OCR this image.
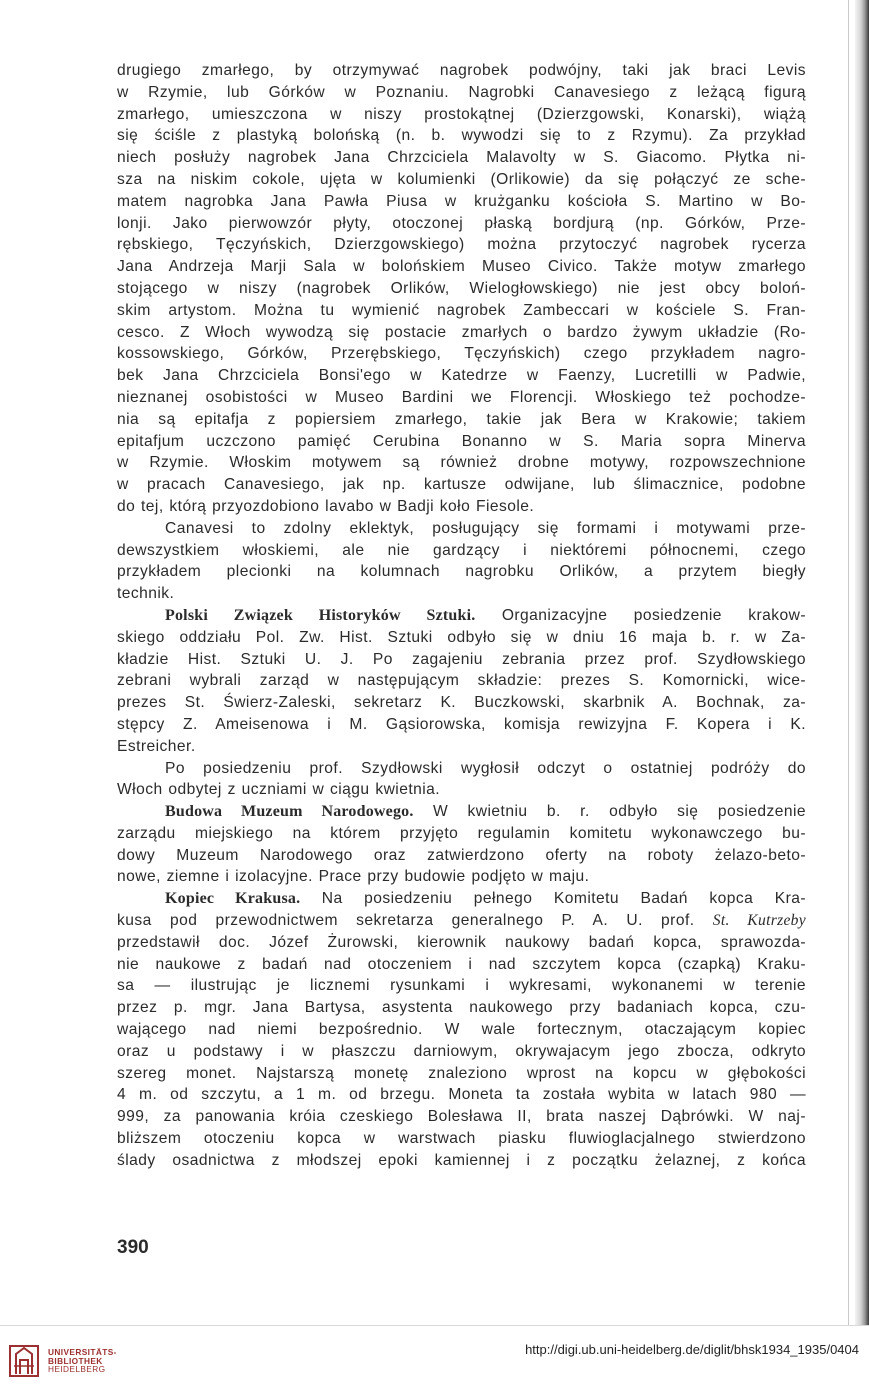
drugiego zmarłego, by otrzymywać nagrobek podwójny, taki jak braci Levis
w Rzymie, lub Górków w Poznaniu. Nagrobki Canavesiego z leżącą figurą
zmarłego, umieszczona w niszy prostokątnej (Dzierzgowski, Konarski), wiążą
się ściśle z plastyką bolońską (n. b. wywodzi się to z Rzymu). Za przykład
niech posłuży nagrobek Jana Chrzciciela Malavolty w S. Giacomo. Płytka ni-
sza na niskim cokole, ujęta w kolumienki (Orlikowie) da się połączyć ze sche-
matem nagrobka Jana Pawła Piusa w krużganku kościoła S. Martino w Bo-
lonji. Jako pierwowzór płyty, otoczonej płaską bordjurą (np. Górków, Prze-
rębskiego, Tęczyńskich, Dzierzgowskiego) można przytoczyć nagrobek rycerza
Jana Andrzeja Marji Sala w bolońskiem Museo Civico. Także motyw zmarłego
stojącego w niszy (nagrobek Orlików, Wielogłowskiego) nie jest obcy boloń-
skim artystom. Można tu wymienić nagrobek Zambeccari w kościele S. Fran-
cesco. Z Włoch wywodzą się postacie zmarłych o bardzo żywym układzie (Ro-
kossowskiego, Górków, Przerębskiego, Tęczyńskich) czego przykładem nagro-
bek Jana Chrzciciela Bonsi'ego w Katedrze w Faenzy, Lucretilli w Padwie,
nieznanej osobistości w Museo Bardini we Florencji. Włoskiego też pochodze-
nia są epitafja z popiersiem zmarłego, takie jak Bera w Krakowie; takiem
epitafjum uczczono pamięć Cerubina Bonanno w S. Maria sopra Minerva
w Rzymie. Włoskim motywem są również drobne motywy, rozpowszechnione
w pracach Canavesiego, jak np. kartusze odwijane, lub ślimacznice, podobne
do tej, którą przyozdobiono lavabo w Badji koło Fiesole.
Canavesi to zdolny eklektyk, posługujący się formami i motywami prze-
dewszystkiem włoskiemi, ale nie gardzący i niektóremi północnemi, czego
przykładem plecionki na kolumnach nagrobku Orlików, a przytem biegły
technik.
Polski Związek Historyków Sztuki. Organizacyjne posiedzenie krakow-
skiego oddziału Pol. Zw. Hist. Sztuki odbyło się w dniu 16 maja b. r. w Za-
kładzie Hist. Sztuki U. J. Po zagajeniu zebrania przez prof. Szydłowskiego
zebrani wybrali zarząd w następującym składzie: prezes S. Komornicki, wice-
prezes St. Świerz-Zaleski, sekretarz K. Buczkowski, skarbnik A. Bochnak, za-
stępcy Z. Ameisenowa i M. Gąsiorowska, komisja rewizyjna F. Kopera i K.
Estreicher.
Po posiedzeniu prof. Szydłowski wygłosił odczyt o ostatniej podróży do
Włoch odbytej z uczniami w ciągu kwietnia.
Budowa Muzeum Narodowego. W kwietniu b. r. odbyło się posiedzenie
zarządu miejskiego na którem przyjęto regulamin komitetu wykonawczego bu-
dowy Muzeum Narodowego oraz zatwierdzono oferty na roboty żelazo-beto-
nowe, ziemne i izolacyjne. Prace przy budowie podjęto w maju.
Kopiec Krakusa. Na posiedzeniu pełnego Komitetu Badań kopca Kra-
kusa pod przewodnictwem sekretarza generalnego P. A. U. prof. St. Kutrzeby
przedstawił doc. Józef Żurowski, kierownik naukowy badań kopca, sprawozda-
nie naukowe z badań nad otoczeniem i nad szczytem kopca (czapką) Kraku-
sa — ilustrując je licznemi rysunkami i wykresami, wykonanemi w terenie
przez p. mgr. Jana Bartysa, asystenta naukowego przy badaniach kopca, czu-
wającego nad niemi bezpośrednio. W wale fortecznym, otaczającym kopiec
oraz u podstawy i w płaszczu darniowym, okrywajacym jego zbocza, odkryto
szereg monet. Najstarszą monetę znaleziono wprost na kopcu w głębokości
4 m. od szczytu, a 1 m. od brzegu. Moneta ta została wybita w latach 980 —
999, za panowania króia czeskiego Bolesława II, brata naszej Dąbrówki. W naj-
bliższem otoczeniu kopca w warstwach piasku fluwioglacjalnego stwierdzono
ślady osadnictwa z młodszej epoki kamiennej i z początku żelaznej, z końca
390
UNIVERSITÄTS-
BIBLIOTHEK
HEIDELBERG
http://digi.ub.uni-heidelberg.de/diglit/bhsk1934_1935/0404
